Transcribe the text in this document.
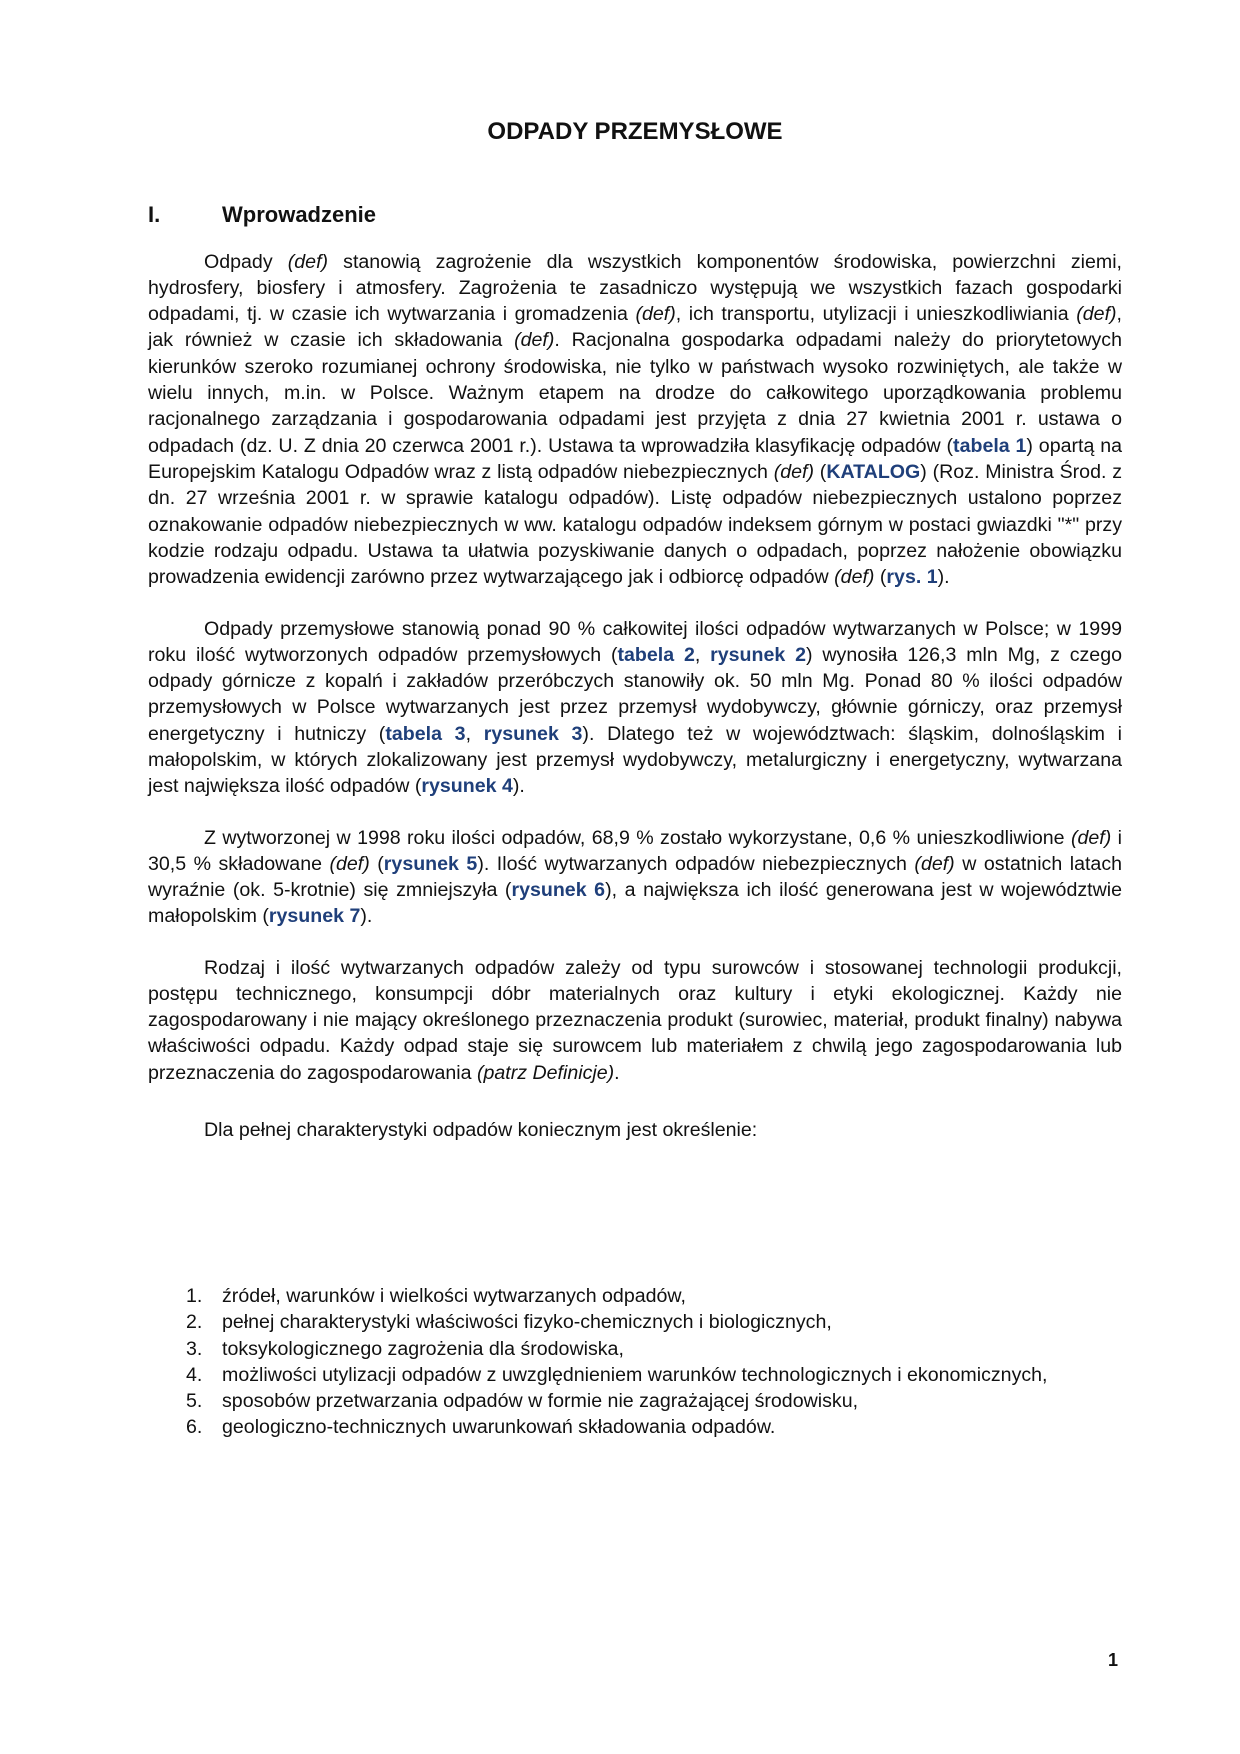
ODPADY PRZEMYSŁOWE
I.	Wprowadzenie

Odpady (def) stanowią zagrożenie dla wszystkich komponentów środowiska, powierzchni ziemi, hydrosfery, biosfery i atmosfery. Zagrożenia te zasadniczo występują we wszystkich fazach gospodarki odpadami, tj. w czasie ich wytwarzania i gromadzenia (def), ich transportu, utylizacji i unieszkodliwiania (def), jak również w czasie ich składowania (def). Racjonalna gospodarka odpadami należy do priorytetowych kierunków szeroko rozumianej ochrony środowiska, nie tylko w państwach wysoko rozwiniętych, ale także w wielu innych, m.in. w Polsce. Ważnym etapem na drodze do całkowitego uporządkowania problemu racjonalnego zarządzania i gospodarowania odpadami jest przyjęta z dnia 27 kwietnia 2001 r. ustawa o odpadach (dz. U. Z dnia 20 czerwca 2001 r.). Ustawa ta wprowadziła klasyfikację odpadów (tabela 1) opartą na Europejskim Katalogu Odpadów wraz z listą odpadów niebezpiecznych (def) (KATALOG) (Roz. Ministra Środ. z dn. 27 września 2001 r. w sprawie katalogu odpadów). Listę odpadów niebezpiecznych ustalono poprzez oznakowanie odpadów niebezpiecznych w ww. katalogu odpadów indeksem górnym w postaci gwiazdki "*" przy kodzie rodzaju odpadu. Ustawa ta ułatwia pozyskiwanie danych o odpadach, poprzez nałożenie obowiązku prowadzenia ewidencji zarówno przez wytwarzającego jak i odbiorcę odpadów (def) (rys. 1).

Odpady przemysłowe stanowią ponad 90 % całkowitej ilości odpadów wytwarzanych w Polsce; w 1999 roku ilość wytworzonych odpadów przemysłowych (tabela 2, rysunek 2) wynosiła 126,3 mln Mg, z czego odpady górnicze z kopalń i zakładów przeróbczych stanowiły ok. 50 mln Mg. Ponad 80 % ilości odpadów przemysłowych w Polsce wytwarzanych jest przez przemysł wydobywczy, głównie górniczy, oraz przemysł energetyczny i hutniczy (tabela 3, rysunek 3). Dlatego też w województwach: śląskim, dolnośląskim i małopolskim, w których zlokalizowany jest przemysł wydobywczy, metalurgiczny i energetyczny, wytwarzana jest największa ilość odpadów (rysunek 4).

Z wytworzonej w 1998 roku ilości odpadów, 68,9 % zostało wykorzystane, 0,6 % unieszkodliwione (def) i 30,5 % składowane (def) (rysunek 5). Ilość wytwarzanych odpadów niebezpiecznych (def) w ostatnich latach wyraźnie (ok. 5-krotnie) się zmniejszyła (rysunek 6), a największa ich ilość generowana jest w województwie małopolskim (rysunek 7).

Rodzaj i ilość wytwarzanych odpadów zależy od typu surowców i stosowanej technologii produkcji, postępu technicznego, konsumpcji dóbr materialnych oraz kultury i etyki ekologicznej. Każdy nie zagospodarowany i nie mający określonego przeznaczenia produkt (surowiec, materiał, produkt finalny) nabywa właściwości odpadu. Każdy odpad staje się surowcem lub materiałem z chwilą jego zagospodarowania lub przeznaczenia do zagospodarowania (patrz Definicje).

Dla pełnej charakterystyki odpadów koniecznym jest określenie:

1. źródeł, warunków i wielkości wytwarzanych odpadów,
2. pełnej charakterystyki właściwości fizyko-chemicznych i biologicznych,
3. toksykologicznego zagrożenia dla środowiska,
4. możliwości utylizacji odpadów z uwzględnieniem warunków technologicznych i ekonomicznych,
5. sposobów przetwarzania odpadów w formie nie zagrażającej środowisku,
6. geologiczno-technicznych uwarunkowań składowania odpadów.
1
